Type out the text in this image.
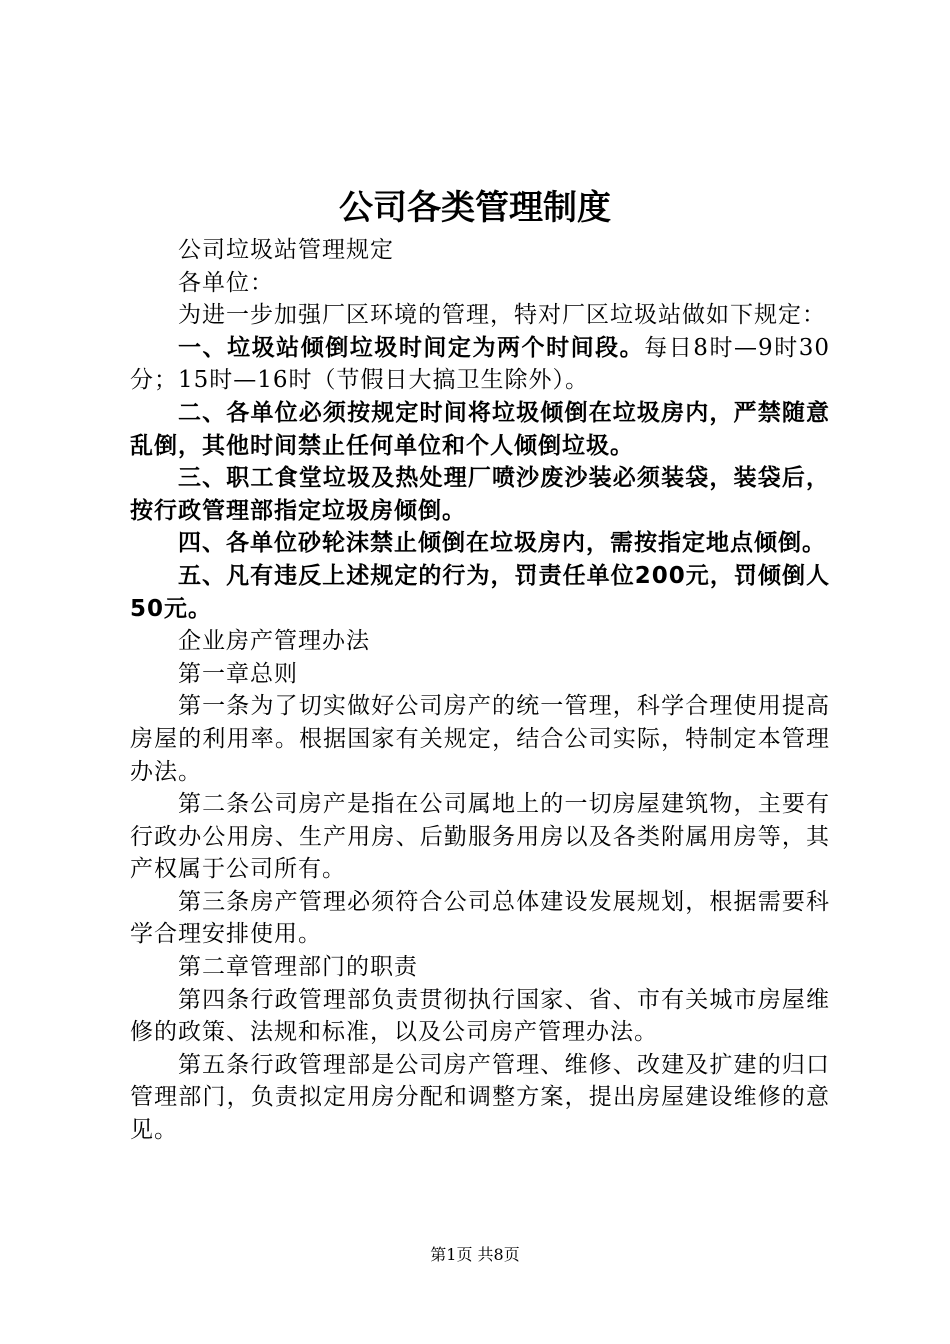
公司各类管理制度

公司垃圾站管理规定

各单位：

为进一步加强厂区环境的管理，特对厂区垃圾站做如下规定：

一、垃圾站倾倒垃圾时间定为两个时间段。每日8时—9时30分；15时—16时（节假日大搞卫生除外）。

二、各单位必须按规定时间将垃圾倾倒在垃圾房内，严禁随意乱倒，其他时间禁止任何单位和个人倾倒垃圾。

三、职工食堂垃圾及热处理厂喷沙废沙装必须装袋，装袋后，按行政管理部指定垃圾房倾倒。

四、各单位砂轮沫禁止倾倒在垃圾房内，需按指定地点倾倒。

五、凡有违反上述规定的行为，罚责任单位200元，罚倾倒人50元。

企业房产管理办法

第一章总则

第一条为了切实做好公司房产的统一管理，科学合理使用提高房屋的利用率。根据国家有关规定，结合公司实际，特制定本管理办法。

第二条公司房产是指在公司属地上的一切房屋建筑物，主要有行政办公用房、生产用房、后勤服务用房以及各类附属用房等，其产权属于公司所有。

第三条房产管理必须符合公司总体建设发展规划，根据需要科学合理安排使用。

第二章管理部门的职责

第四条行政管理部负责贯彻执行国家、省、市有关城市房屋维修的政策、法规和标准，以及公司房产管理办法。

第五条行政管理部是公司房产管理、维修、改建及扩建的归口管理部门，负责拟定用房分配和调整方案，提出房屋建设维修的意见。

第1页 共8页
